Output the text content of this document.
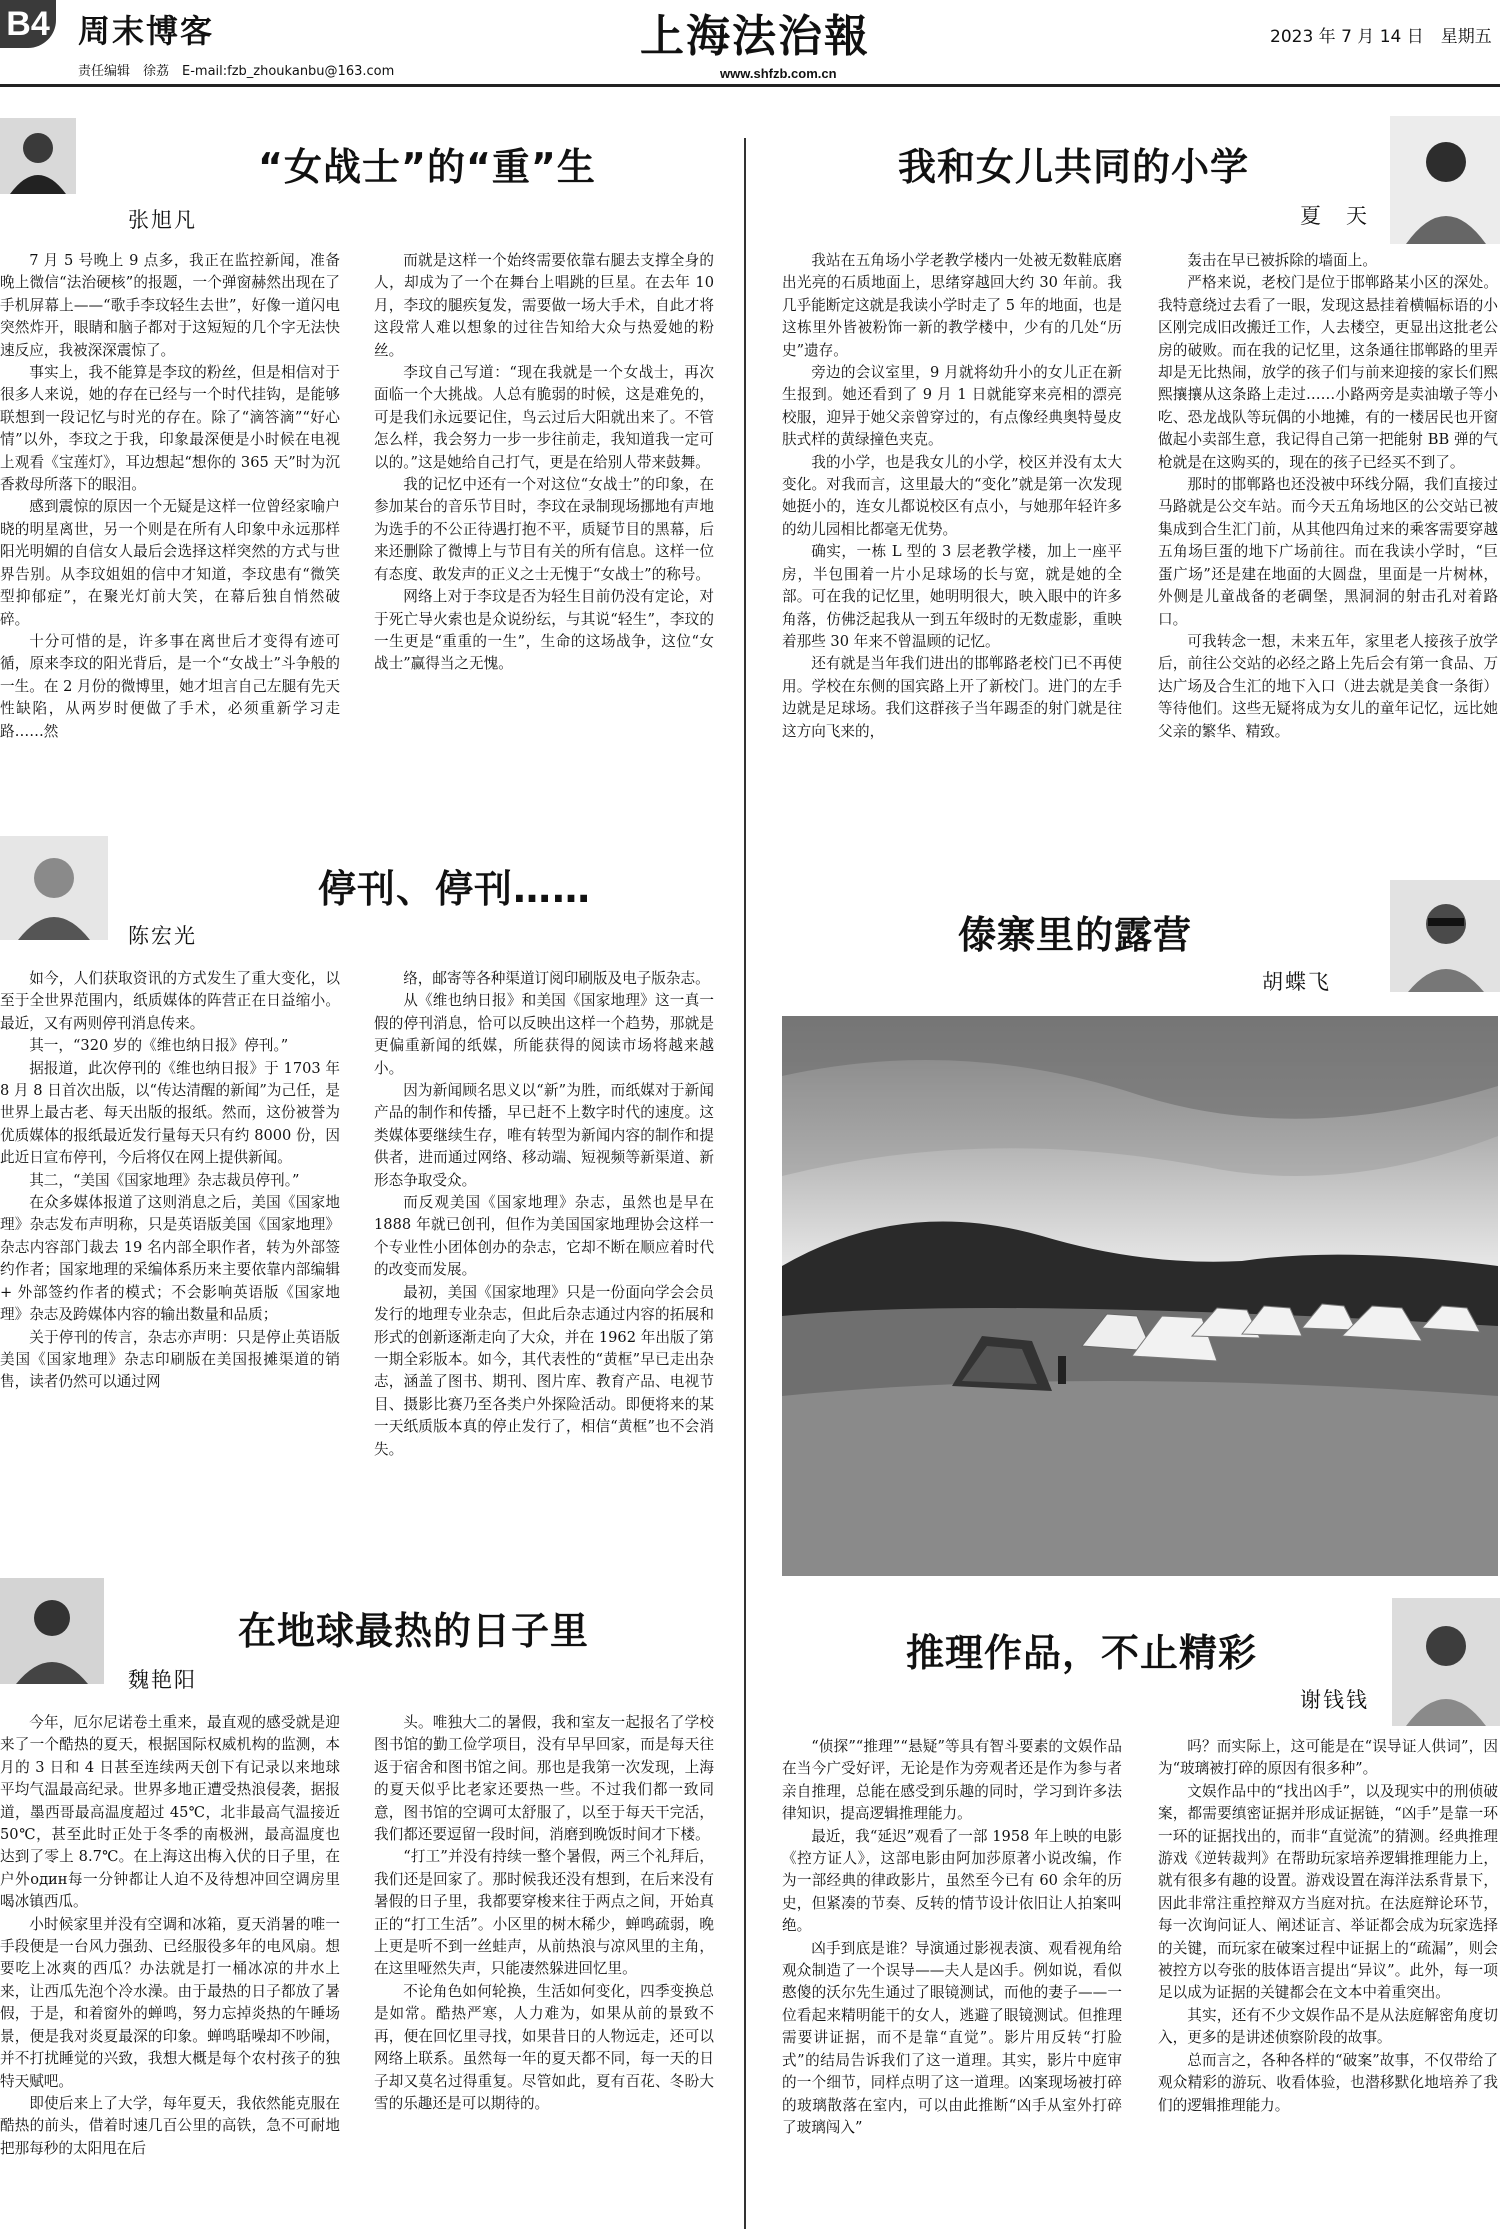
B4 周末博客
责任编辑　徐荔　E-mail:fzb_zhoukanbu@163.com
上海法治報
www.shfzb.com.cn
2023 年 7 月 14 日　星期五
“女战士”的“重”生
张旭凡

7 月 5 号晚上 9 点多，我正在监控新闻，准备晚上微信“法治硬核”的报题，一个弹窗赫然出现在了手机屏幕上——“歌手李玟轻生去世”，好像一道闪电突然炸开，眼睛和脑子都对于这短短的几个字无法快速反应，我被深深震惊了。

事实上，我不能算是李玟的粉丝，但是相信对于很多人来说，她的存在已经与一个时代挂钩，是能够联想到一段记忆与时光的存在。除了“滴答滴”“好心情”以外，李玟之于我，印象最深便是小时候在电视上观看《宝莲灯》，耳边想起“想你的 365 天”时为沉香救母所落下的眼泪。

感到震惊的原因一个无疑是这样一位曾经家喻户晓的明星离世，另一个则是在所有人印象中永远那样阳光明媚的自信女人最后会选择这样突然的方式与世界告别。从李玟姐姐的信中才知道，李玟患有“微笑型抑郁症”，在聚光灯前大笑，在幕后独自悄然破碎。

十分可惜的是，许多事在离世后才变得有迹可循，原来李玟的阳光背后，是一个“女战士”斗争般的一生。在 2 月份的微博里，她才坦言自己左腿有先天性缺陷，从两岁时便做了手术，必须重新学习走路……然

而就是这样一个始终需要依靠右腿去支撑全身的人，却成为了一个在舞台上唱跳的巨星。在去年 10 月，李玟的腿疾复发，需要做一场大手术，自此才将这段常人难以想象的过往告知给大众与热爱她的粉丝。

李玟自己写道：“现在我就是一个女战士，再次面临一个大挑战。人总有脆弱的时候，这是难免的，可是我们永远要记住，鸟云过后大阳就出来了。不管怎么样，我会努力一步一步往前走，我知道我一定可以的。”这是她给自己打气，更是在给别人带来鼓舞。

我的记忆中还有一个对这位“女战士”的印象，在参加某台的音乐节目时，李玟在录制现场挪地有声地为选手的不公正待遇打抱不平，质疑节目的黑幕，后来还删除了微博上与节目有关的所有信息。这样一位有态度、敢发声的正义之士无愧于“女战士”的称号。

网络上对于李玟是否为轻生目前仍没有定论，对于死亡导火索也是众说纷纭，与其说“轻生”，李玟的一生更是“重重的一生”，生命的这场战争，这位“女战士”赢得当之无愧。

停刊、停刊……
陈宏光

如今，人们获取资讯的方式发生了重大变化，以至于全世界范围内，纸质媒体的阵营正在日益缩小。最近，又有两则停刊消息传来。

其一，“320 岁的《维也纳日报》停刊。”

据报道，此次停刊的《维也纳日报》于 1703 年 8 月 8 日首次出版，以“传达清醒的新闻”为己任，是世界上最古老、每天出版的报纸。然而，这份被誉为优质媒体的报纸最近发行量每天只有约 8000 份，因此近日宣布停刊，今后将仅在网上提供新闻。

其二，“美国《国家地理》杂志裁员停刊。”

在众多媒体报道了这则消息之后，美国《国家地理》杂志发布声明称，只是英语版美国《国家地理》杂志内容部门裁去 19 名内部全职作者，转为外部签约作者；国家地理的采编体系历来主要依靠内部编辑 + 外部签约作者的模式；不会影响英语版《国家地理》杂志及跨媒体内容的输出数量和品质；

关于停刊的传言，杂志亦声明：只是停止英语版美国《国家地理》杂志印刷版在美国报摊渠道的销售，读者仍然可以通过网

络，邮寄等各种渠道订阅印刷版及电子版杂志。

从《维也纳日报》和美国《国家地理》这一真一假的停刊消息，恰可以反映出这样一个趋势，那就是更偏重新闻的纸媒，所能获得的阅读市场将越来越小。

因为新闻顾名思义以“新”为胜，而纸媒对于新闻产品的制作和传播，早已赶不上数字时代的速度。这类媒体要继续生存，唯有转型为新闻内容的制作和提供者，进而通过网络、移动端、短视频等新渠道、新形态争取受众。

而反观美国《国家地理》杂志，虽然也是早在 1888 年就已创刊，但作为美国国家地理协会这样一个专业性小团体创办的杂志，它却不断在顺应着时代的改变而发展。

最初，美国《国家地理》只是一份面向学会会员发行的地理专业杂志，但此后杂志通过内容的拓展和形式的创新逐渐走向了大众，并在 1962 年出版了第一期全彩版本。如今，其代表性的“黄框”早已走出杂志，涵盖了图书、期刊、图片库、教育产品、电视节目、摄影比赛乃至各类户外探险活动。即便将来的某一天纸质版本真的停止发行了，相信“黄框”也不会消失。

在地球最热的日子里
魏艳阳

今年，厄尔尼诺卷土重来，最直观的感受就是迎来了一个酷热的夏天，根据国际权威机构的监测，本月的 3 日和 4 日甚至连续两天创下有记录以来地球平均气温最高纪录。世界多地正遭受热浪侵袭，据报道，墨西哥最高温度超过 45℃，北非最高气温接近 50℃，甚至此时正处于冬季的南极洲，最高温度也达到了零上 8.7℃。在上海这出梅入伏的日子里，在户外один每一分钟都让人迫不及待想冲回空调房里喝冰镇西瓜。

小时候家里并没有空调和冰箱，夏天消暑的唯一手段便是一台风力强劲、已经服役多年的电风扇。想要吃上冰爽的西瓜？办法就是打一桶冰凉的井水上来，让西瓜先泡个冷水澡。由于最热的日子都放了暑假，于是，和着窗外的蝉鸣，努力忘掉炎热的午睡场景，便是我对炎夏最深的印象。蝉鸣聒噪却不吵闹，并不打扰睡觉的兴致，我想大概是每个农村孩子的独特天赋吧。

即使后来上了大学，每年夏天，我依然能克服在酷热的前头，借着时速几百公里的高铁，急不可耐地把那每秒的太阳甩在后

头。唯独大二的暑假，我和室友一起报名了学校图书馆的勤工俭学项目，没有早早回家，而是每天往返于宿舍和图书馆之间。那也是我第一次发现，上海的夏天似乎比老家还要热一些。不过我们都一致同意，图书馆的空调可太舒服了，以至于每天干完活，我们都还要逗留一段时间，消磨到晚饭时间才下楼。

“打工”并没有持续一整个暑假，两三个礼拜后，我们还是回家了。那时候我还没有想到，在后来没有暑假的日子里，我都要穿梭来往于两点之间，开始真正的“打工生活”。小区里的树木稀少，蝉鸣疏弱，晚上更是听不到一丝蛙声，从前热浪与凉风里的主角，在这里哑然失声，只能凄然躲进回忆里。

不论角色如何轮换，生活如何变化，四季变换总是如常。酷热严寒，人力难为，如果从前的景致不再，便在回忆里寻找，如果昔日的人物远走，还可以网络上联系。虽然每一年的夏天都不同，每一天的日子却又莫名过得重复。尽管如此，夏有百花、冬盼大雪的乐趣还是可以期待的。

我和女儿共同的小学
夏　天

我站在五角场小学老教学楼内一处被无数鞋底磨出光亮的石质地面上，思绪穿越回大约 30 年前。我几乎能断定这就是我读小学时走了 5 年的地面，也是这栋里外皆被粉饰一新的教学楼中，少有的几处“历史”遗存。

旁边的会议室里，9 月就将幼升小的女儿正在新生报到。她还看到了 9 月 1 日就能穿来亮相的漂亮校服，迎异于她父亲曾穿过的，有点像经典奥特曼皮肤式样的黄绿撞色夹克。

我的小学，也是我女儿的小学，校区并没有太大变化。对我而言，这里最大的“变化”就是第一次发现她挺小的，连女儿都说校区有点小，与她那年轻许多的幼儿园相比都毫无优势。

确实，一栋 L 型的 3 层老教学楼，加上一座平房，半包围着一片小足球场的长与宽，就是她的全部。可在我的记忆里，她明明很大，映入眼中的许多角落，仿佛泛起我从一到五年级时的无数虚影，重映着那些 30 年来不曾温顾的记忆。

还有就是当年我们进出的邯郸路老校门已不再使用。学校在东侧的国宾路上开了新校门。进门的左手边就是足球场。我们这群孩子当年踢歪的射门就是往这方向飞来的，

轰击在早已被拆除的墙面上。

严格来说，老校门是位于邯郸路某小区的深处。我特意绕过去看了一眼，发现这悬挂着横幅标语的小区刚完成旧改搬迁工作，人去楼空，更显出这批老公房的破败。而在我的记忆里，这条通往邯郸路的里弄却是无比热闹，放学的孩子们与前来迎接的家长们熙熙攘攘从这条路上走过……小路两旁是卖油墩子等小吃、恐龙战队等玩偶的小地摊，有的一楼居民也开窗做起小卖部生意，我记得自己第一把能射 BB 弹的气枪就是在这购买的，现在的孩子已经买不到了。

那时的邯郸路也还没被中环线分隔，我们直接过马路就是公交车站。而今天五角场地区的公交站已被集成到合生汇门前，从其他四角过来的乘客需要穿越五角场巨蛋的地下广场前往。而在我读小学时，“巨蛋广场”还是建在地面的大圆盘，里面是一片树林，外侧是儿童战备的老碉堡，黑洞洞的射击孔对着路口。

可我转念一想，未来五年，家里老人接孩子放学后，前往公交站的必经之路上先后会有第一食品、万达广场及合生汇的地下入口（进去就是美食一条街）等待他们。这些无疑将成为女儿的童年记忆，远比她父亲的繁华、精致。

傣寨里的露营
胡蝶飞
推理作品，不止精彩
谢钱钱

“侦探”“推理”“悬疑”等具有智斗要素的文娱作品在当今广受好评，无论是作为旁观者还是作为参与者亲自推理，总能在感受到乐趣的同时，学习到许多法律知识，提高逻辑推理能力。

最近，我“延迟”观看了一部 1958 年上映的电影《控方证人》，这部电影由阿加莎原著小说改编，作为一部经典的律政影片，虽然至今已有 60 余年的历史，但紧凑的节奏、反转的情节设计依旧让人拍案叫绝。

凶手到底是谁？导演通过影视表演、观看视角给观众制造了一个误导——夫人是凶手。例如说，看似憨傻的沃尔先生通过了眼镜测试，而他的妻子——一位看起来精明能干的女人，逃避了眼镜测试。但推理需要讲证据，而不是靠“直觉”。影片用反转“打脸式”的结局告诉我们了这一道理。其实，影片中庭审的一个细节，同样点明了这一道理。凶案现场被打碎的玻璃散落在室内，可以由此推断“凶手从室外打碎了玻璃闯入”

吗？而实际上，这可能是在“误导证人供词”，因为“玻璃被打碎的原因有很多种”。

文娱作品中的“找出凶手”，以及现实中的刑侦破案，都需要缜密证据并形成证据链，“凶手”是靠一环一环的证据找出的，而非“直觉流”的猜测。经典推理游戏《逆转裁判》在帮助玩家培养逻辑推理能力上，就有很多有趣的设置。游戏设置在海洋法系背景下，因此非常注重控辩双方当庭对抗。在法庭辩论环节，每一次询问证人、阐述证言、举证都会成为玩家选择的关键，而玩家在破案过程中证据上的“疏漏”，则会被控方以夸张的肢体语言提出“异议”。此外，每一项足以成为证据的关键都会在文本中着重突出。

其实，还有不少文娱作品不是从法庭解密角度切入，更多的是讲述侦察阶段的故事。

总而言之，各种各样的“破案”故事，不仅带给了观众精彩的游玩、收看体验，也潜移默化地培养了我们的逻辑推理能力。
